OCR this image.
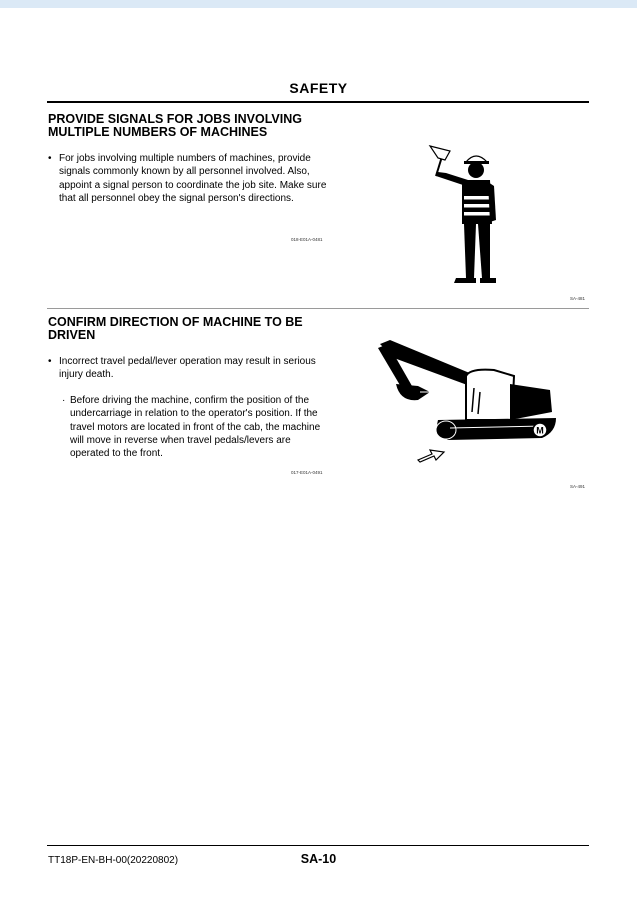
SAFETY
PROVIDE SIGNALS FOR JOBS INVOLVING MULTIPLE NUMBERS OF MACHINES
• For jobs involving multiple numbers of machines, provide signals commonly known by all personnel involved. Also, appoint a signal person to coordinate the job site. Make sure that all personnel obey the signal person's directions.
018-E01A-0481
SA-481
CONFIRM DIRECTION OF MACHINE TO BE DRIVEN
• Incorrect travel pedal/lever operation may result in serious injury death.
· Before driving the machine, confirm the position of the undercarriage in relation to the operator's position. If the travel motors are located in front of the cab, the machine will move in reverse when travel pedals/levers are operated to the front.
017-E01A-0491
M
SA-491
TT18P-EN-BH-00(20220802)	SA-10
